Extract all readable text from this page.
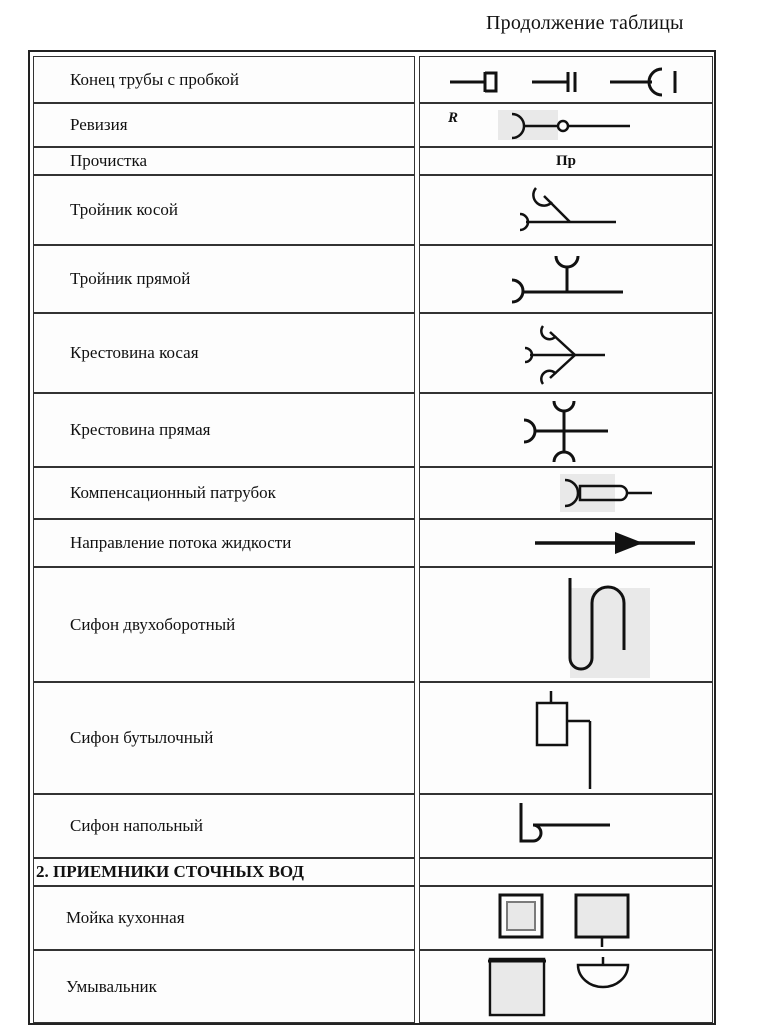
Продолжение таблицы
Конец трубы с пробкой
Ревизия	R
Прочистка	Пр
Тройник косой
Тройник прямой
Крестовина косая
Крестовина прямая
Компенсационный патрубок
Направление потока жидкости
Сифон двухоборотный
Сифон бутылочный
Сифон напольный
2. ПРИЕМНИКИ СТОЧНЫХ ВОД
Мойка кухонная
Умывальник
